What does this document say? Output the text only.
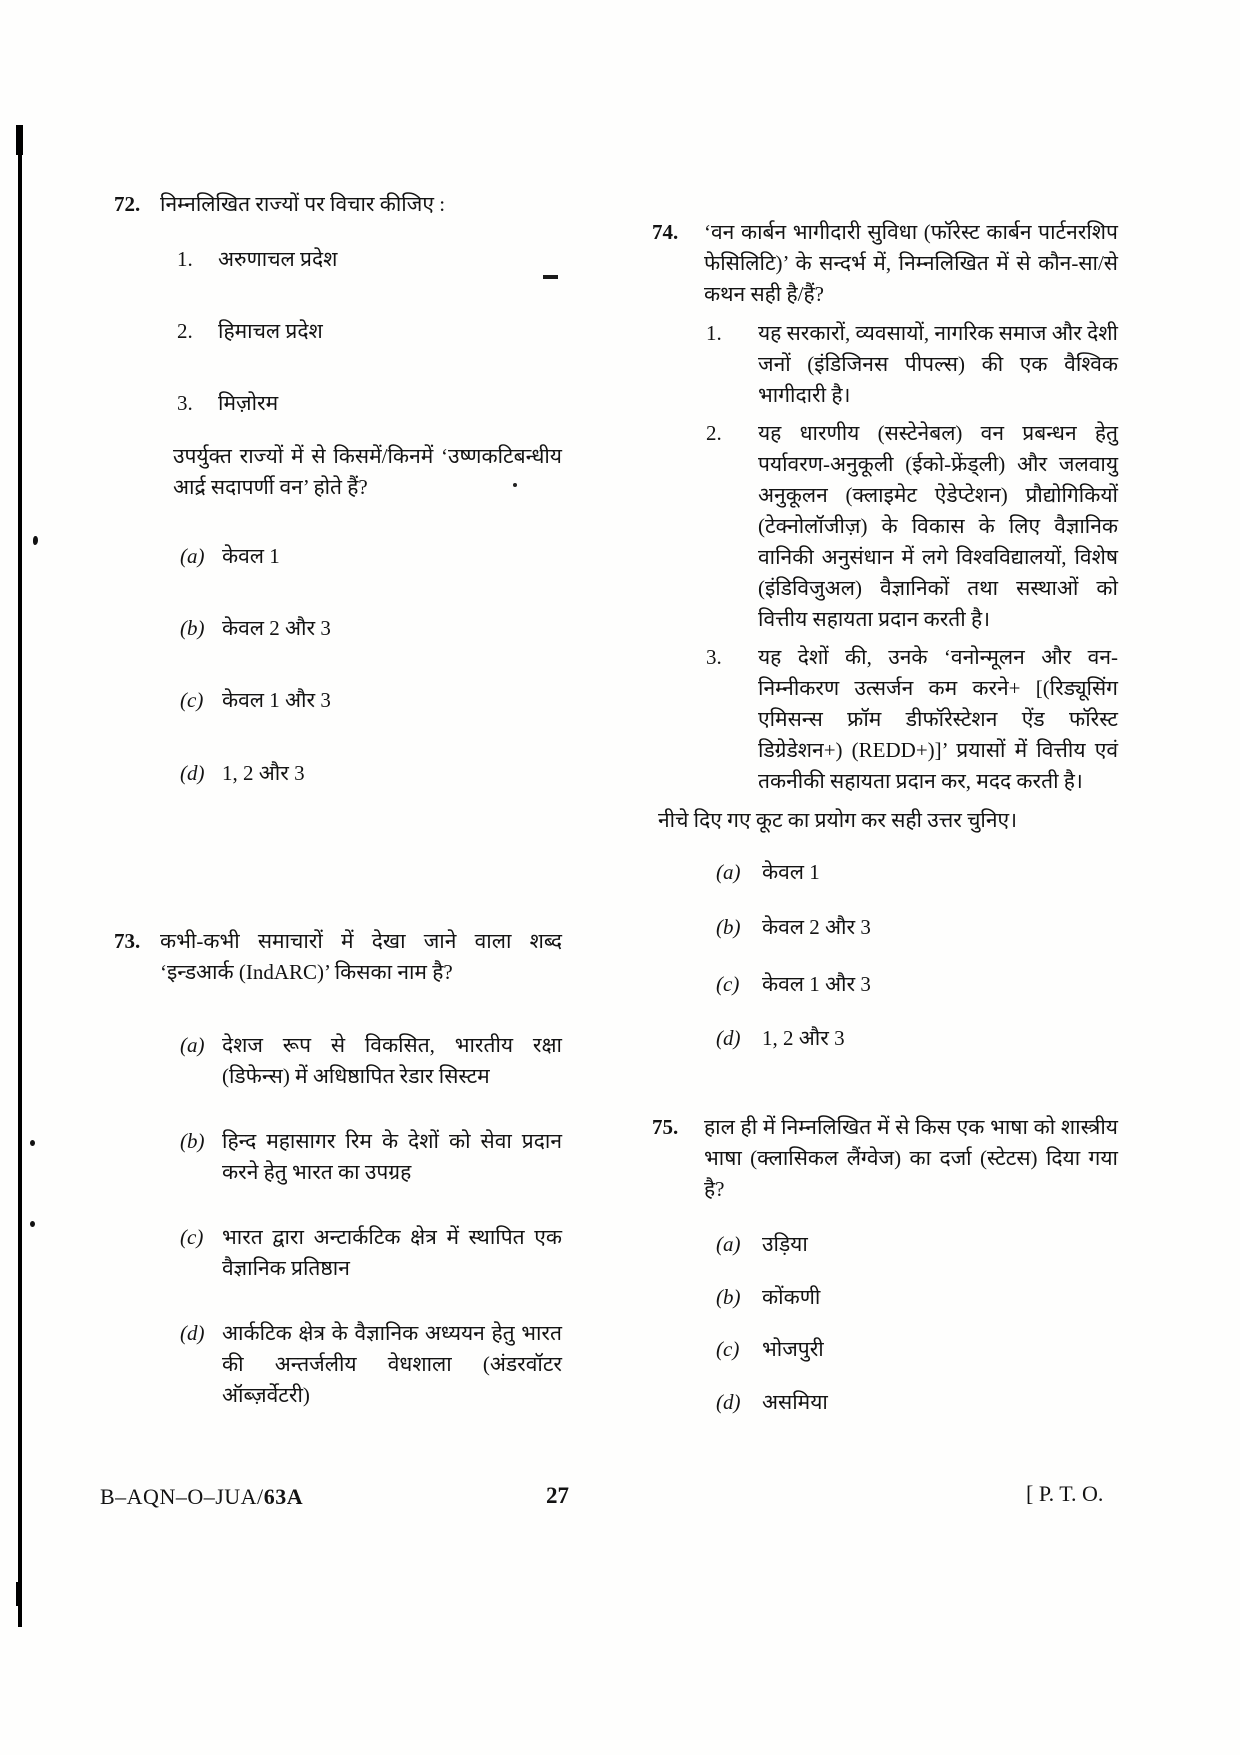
72. निम्नलिखित राज्यों पर विचार कीजिए :
1.	अरुणाचल प्रदेश
2.	हिमाचल प्रदेश
3.	मिज़ोरम
उपर्युक्त राज्यों में से किसमें/किनमें ‘उष्णकटिबन्धीय आर्द्र सदापर्णी वन’ होते हैं?
(a) केवल 1
(b) केवल 2 और 3
(c) केवल 1 और 3
(d) 1, 2 और 3
73. कभी-कभी समाचारों में देखा जाने वाला शब्द ‘इन्डआर्क (IndARC)’ किसका नाम है?
(a) देशज रूप से विकसित, भारतीय रक्षा (डिफेन्स) में अधिष्ठापित रेडार सिस्टम
(b) हिन्द महासागर रिम के देशों को सेवा प्रदान करने हेतु भारत का उपग्रह
(c) भारत द्वारा अन्टार्कटिक क्षेत्र में स्थापित एक वैज्ञानिक प्रतिष्ठान
(d) आर्कटिक क्षेत्र के वैज्ञानिक अध्ययन हेतु भारत की अन्तर्जलीय वेधशाला (अंडरवॉटर ऑब्ज़र्वेटरी)
74.	‘वन कार्बन भागीदारी सुविधा (फॉरेस्ट कार्बन पार्टनरशिप फेसिलिटि)’ के सन्दर्भ में, निम्नलिखित में से कौन-सा/से कथन सही है/हैं?
1.	यह सरकारों, व्यवसायों, नागरिक समाज और देशी जनों (इंडिजिनस पीपल्स) की एक वैश्विक भागीदारी है।
2.	यह धारणीय (सस्टेनेबल) वन प्रबन्धन हेतु पर्यावरण-अनुकूली (ईको-फ्रेंड्ली) और जलवायु अनुकूलन (क्लाइमेट ऐडेप्टेशन) प्रौद्योगिकियों (टेक्नोलॉजीज़) के विकास के लिए वैज्ञानिक वानिकी अनुसंधान में लगे विश्वविद्यालयों, विशेष (इंडिविजुअल) वैज्ञानिकों तथा सस्थाओं को वित्तीय सहायता प्रदान करती है।
3.	यह देशों की, उनके ‘वनोन्मूलन और वन-निम्नीकरण उत्सर्जन कम करने+ [(रिड्यूसिंग एमिसन्स फ्रॉम डीफॉरेस्टेशन ऐंड फॉरेस्ट डिग्रेडेशन+) (REDD+)]’ प्रयासों में वित्तीय एवं तकनीकी सहायता प्रदान कर, मदद करती है।
नीचे दिए गए कूट का प्रयोग कर सही उत्तर चुनिए।
(a)	केवल 1
(b)	केवल 2 और 3
(c)	केवल 1 और 3
(d)	1, 2 और 3
75.	हाल ही में निम्नलिखित में से किस एक भाषा को शास्त्रीय भाषा (क्लासिकल लैंग्वेज) का दर्जा (स्टेटस) दिया गया है?
(a)	उड़िया
(b)	कोंकणी
(c)	भोजपुरी
(d)	असमिया
B–AQN–O–JUA/63A	27	[ P. T. O.
